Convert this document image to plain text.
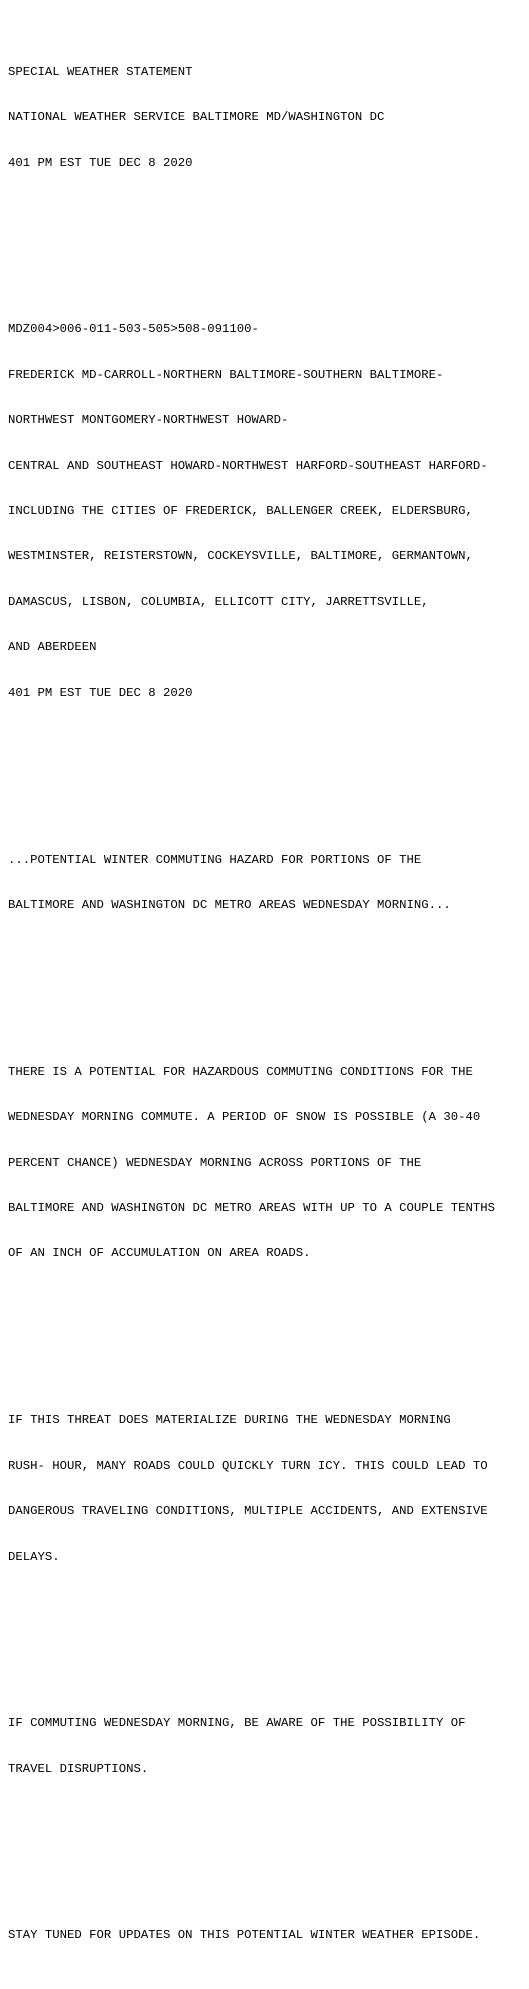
SPECIAL WEATHER STATEMENT

NATIONAL WEATHER SERVICE BALTIMORE MD/WASHINGTON DC

401 PM EST TUE DEC 8 2020

MDZ004>006-011-503-505>508-091100-

FREDERICK MD-CARROLL-NORTHERN BALTIMORE-SOUTHERN BALTIMORE-

NORTHWEST MONTGOMERY-NORTHWEST HOWARD-

CENTRAL AND SOUTHEAST HOWARD-NORTHWEST HARFORD-SOUTHEAST HARFORD-

INCLUDING THE CITIES OF FREDERICK, BALLENGER CREEK, ELDERSBURG,

WESTMINSTER, REISTERSTOWN, COCKEYSVILLE, BALTIMORE, GERMANTOWN,

DAMASCUS, LISBON, COLUMBIA, ELLICOTT CITY, JARRETTSVILLE,

AND ABERDEEN

401 PM EST TUE DEC 8 2020

...POTENTIAL WINTER COMMUTING HAZARD FOR PORTIONS OF THE

BALTIMORE AND WASHINGTON DC METRO AREAS WEDNESDAY MORNING...

THERE IS A POTENTIAL FOR HAZARDOUS COMMUTING CONDITIONS FOR THE

WEDNESDAY MORNING COMMUTE. A PERIOD OF SNOW IS POSSIBLE (A 30-40

PERCENT CHANCE) WEDNESDAY MORNING ACROSS PORTIONS OF THE

BALTIMORE AND WASHINGTON DC METRO AREAS WITH UP TO A COUPLE TENTHS

OF AN INCH OF ACCUMULATION ON AREA ROADS.

IF THIS THREAT DOES MATERIALIZE DURING THE WEDNESDAY MORNING

RUSH- HOUR, MANY ROADS COULD QUICKLY TURN ICY. THIS COULD LEAD TO

DANGEROUS TRAVELING CONDITIONS, MULTIPLE ACCIDENTS, AND EXTENSIVE

DELAYS.

IF COMMUTING WEDNESDAY MORNING, BE AWARE OF THE POSSIBILITY OF

TRAVEL DISRUPTIONS.

STAY TUNED FOR UPDATES ON THIS POTENTIAL WINTER WEATHER EPISODE.
